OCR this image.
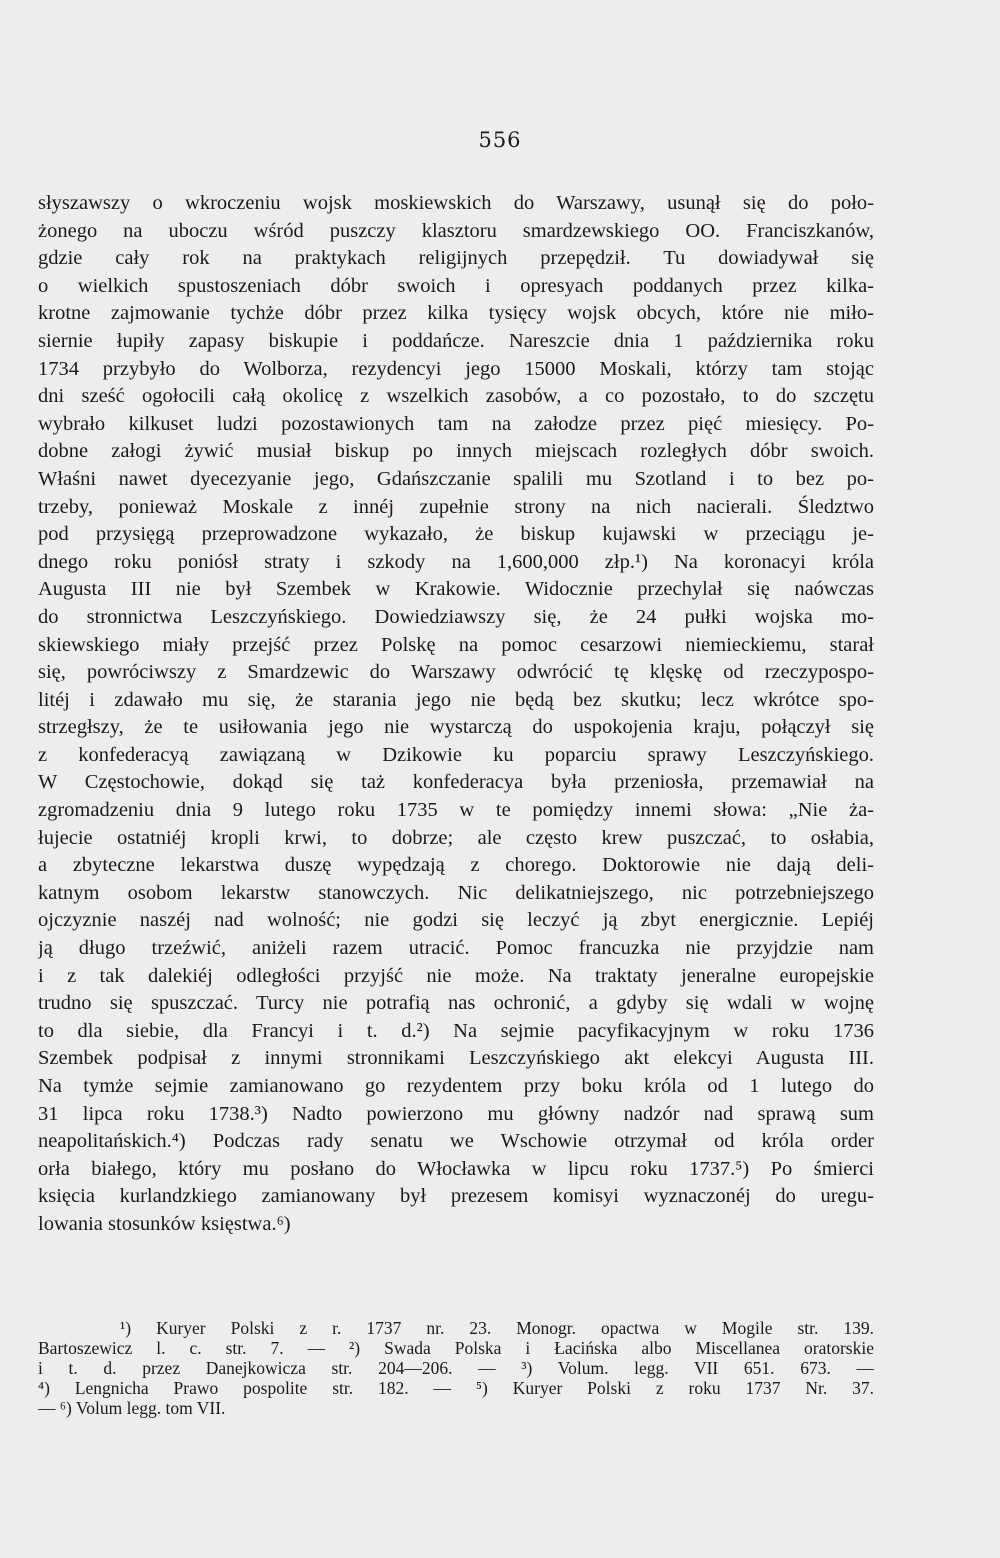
556
słyszawszy o wkroczeniu wojsk moskiewskich do Warszawy, usunął się do poło-
żonego na uboczu wśród puszczy klasztoru smardzewskiego OO. Franciszkanów,
gdzie cały rok na praktykach religijnych przepędził. Tu dowiadywał się
o wielkich spustoszeniach dóbr swoich i opresyach poddanych przez kilka-
krotne zajmowanie tychże dóbr przez kilka tysięcy wojsk obcych, które nie miło-
siernie łupiły zapasy biskupie i poddańcze. Nareszcie dnia 1 października roku
1734 przybyło do Wolborza, rezydencyi jego 15000 Moskali, którzy tam stojąc
dni sześć ogołocili całą okolicę z wszelkich zasobów, a co pozostało, to do szczętu
wybrało kilkuset ludzi pozostawionych tam na załodze przez pięć miesięcy. Po-
dobne załogi żywić musiał biskup po innych miejscach rozległych dóbr swoich.
Właśni nawet dyecezyanie jego, Gdańszczanie spalili mu Szotland i to bez po-
trzeby, ponieważ Moskale z innéj zupełnie strony na nich nacierali. Śledztwo
pod przysięgą przeprowadzone wykazało, że biskup kujawski w przeciągu je-
dnego roku poniósł straty i szkody na 1,600,000 złp.¹) Na koronacyi króla
Augusta III nie był Szembek w Krakowie. Widocznie przechylał się naówczas
do stronnictwa Leszczyńskiego. Dowiedziawszy się, że 24 pułki wojska mo-
skiewskiego miały przejść przez Polskę na pomoc cesarzowi niemieckiemu, starał
się, powróciwszy z Smardzewic do Warszawy odwrócić tę klęskę od rzeczypospo-
litéj i zdawało mu się, że starania jego nie będą bez skutku; lecz wkrótce spo-
strzegłszy, że te usiłowania jego nie wystarczą do uspokojenia kraju, połączył się
z konfederacyą zawiązaną w Dzikowie ku poparciu sprawy Leszczyńskiego.
W Częstochowie, dokąd się taż konfederacya była przeniosła, przemawiał na
zgromadzeniu dnia 9 lutego roku 1735 w te pomiędzy innemi słowa: „Nie ża-
łujecie ostatniéj kropli krwi, to dobrze; ale często krew puszczać, to osłabia,
a zbyteczne lekarstwa duszę wypędzają z chorego. Doktorowie nie dają deli-
katnym osobom lekarstw stanowczych. Nic delikatniejszego, nic potrzebniejszego
ojczyznie naszéj nad wolność; nie godzi się leczyć ją zbyt energicznie. Lepiéj
ją długo trzeźwić, aniżeli razem utracić. Pomoc francuzka nie przyjdzie nam
i z tak dalekiéj odległości przyjść nie może. Na traktaty jeneralne europejskie
trudno się spuszczać. Turcy nie potrafią nas ochronić, a gdyby się wdali w wojnę
to dla siebie, dla Francyi i t. d.²) Na sejmie pacyfikacyjnym w roku 1736
Szembek podpisał z innymi stronnikami Leszczyńskiego akt elekcyi Augusta III.
Na tymże sejmie zamianowano go rezydentem przy boku króla od 1 lutego do
31 lipca roku 1738.³) Nadto powierzono mu główny nadzór nad sprawą sum
neapolitańskich.⁴) Podczas rady senatu we Wschowie otrzymał od króla order
orła białego, który mu posłano do Włocławka w lipcu roku 1737.⁵) Po śmierci
księcia kurlandzkiego zamianowany był prezesem komisyi wyznaczonéj do uregu-
lowania stosunków księstwa.⁶)
¹) Kuryer Polski z r. 1737 nr. 23. Monogr. opactwa w Mogile str. 139.
Bartoszewicz l. c. str. 7. — ²) Swada Polska i Łacińska albo Miscellanea oratorskie
i t. d. przez Danejkowicza str. 204—206. — ³) Volum. legg. VII 651. 673. —
⁴) Lengnicha Prawo pospolite str. 182. — ⁵) Kuryer Polski z roku 1737 Nr. 37.
— ⁶) Volum legg. tom VII.
